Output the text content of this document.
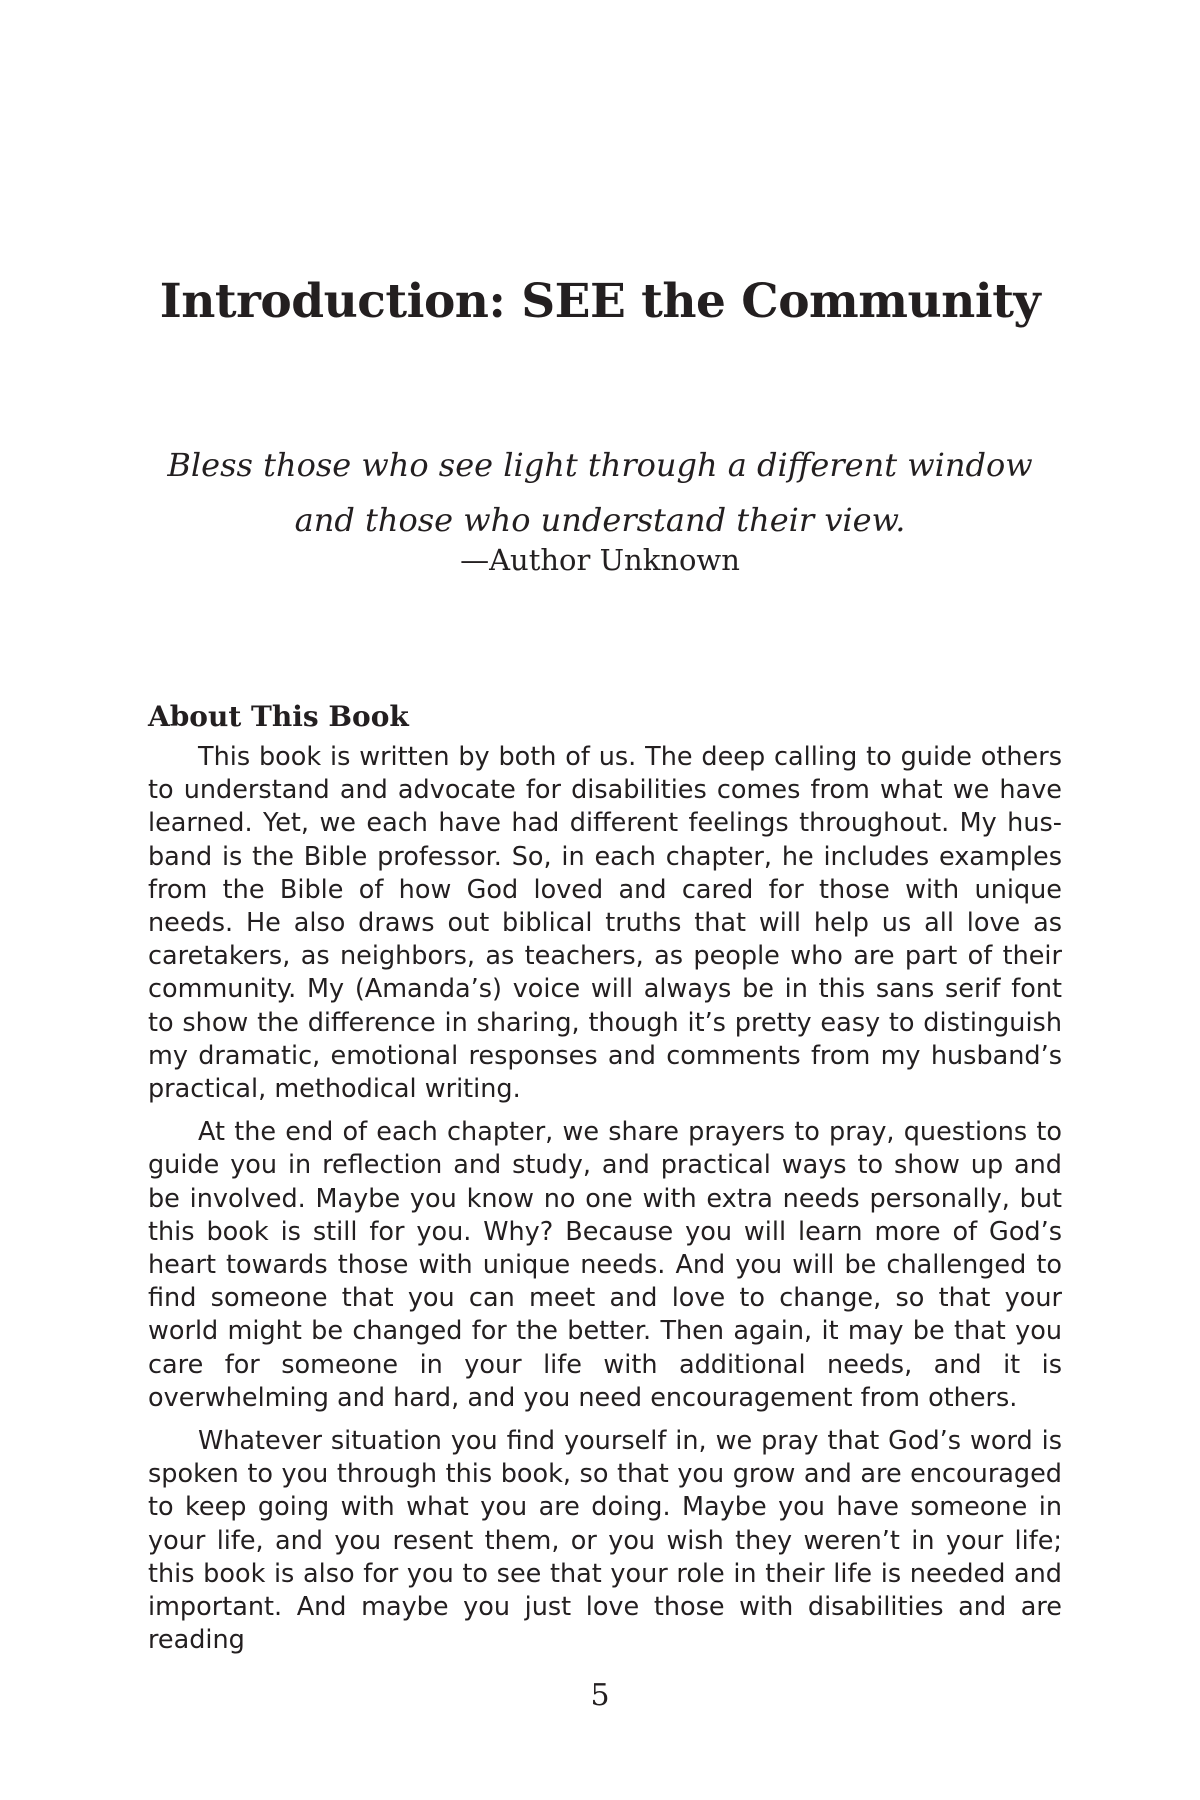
Introduction: SEE the Community

Bless those who see light through a different window and those who understand their view.

—Author Unknown

About This Book

This book is written by both of us. The deep calling to guide others to understand and advocate for disabilities comes from what we have learned. Yet, we each have had different feelings throughout. My husband is the Bible professor. So, in each chapter, he includes examples from the Bible of how God loved and cared for those with unique needs. He also draws out biblical truths that will help us all love as caretakers, as neighbors, as teachers, as people who are part of their community. My (Amanda’s) voice will always be in this sans serif font to show the difference in sharing, though it’s pretty easy to distinguish my dramatic, emotional responses and comments from my husband’s practical, methodical writing.

At the end of each chapter, we share prayers to pray, questions to guide you in reflection and study, and practical ways to show up and be involved. Maybe you know no one with extra needs personally, but this book is still for you. Why? Because you will learn more of God’s heart towards those with unique needs. And you will be challenged to find someone that you can meet and love to change, so that your world might be changed for the better. Then again, it may be that you care for someone in your life with additional needs, and it is overwhelming and hard, and you need encouragement from others.

Whatever situation you find yourself in, we pray that God’s word is spoken to you through this book, so that you grow and are encouraged to keep going with what you are doing. Maybe you have someone in your life, and you resent them, or you wish they weren’t in your life; this book is also for you to see that your role in their life is needed and important. And maybe you just love those with disabilities and are reading

5
